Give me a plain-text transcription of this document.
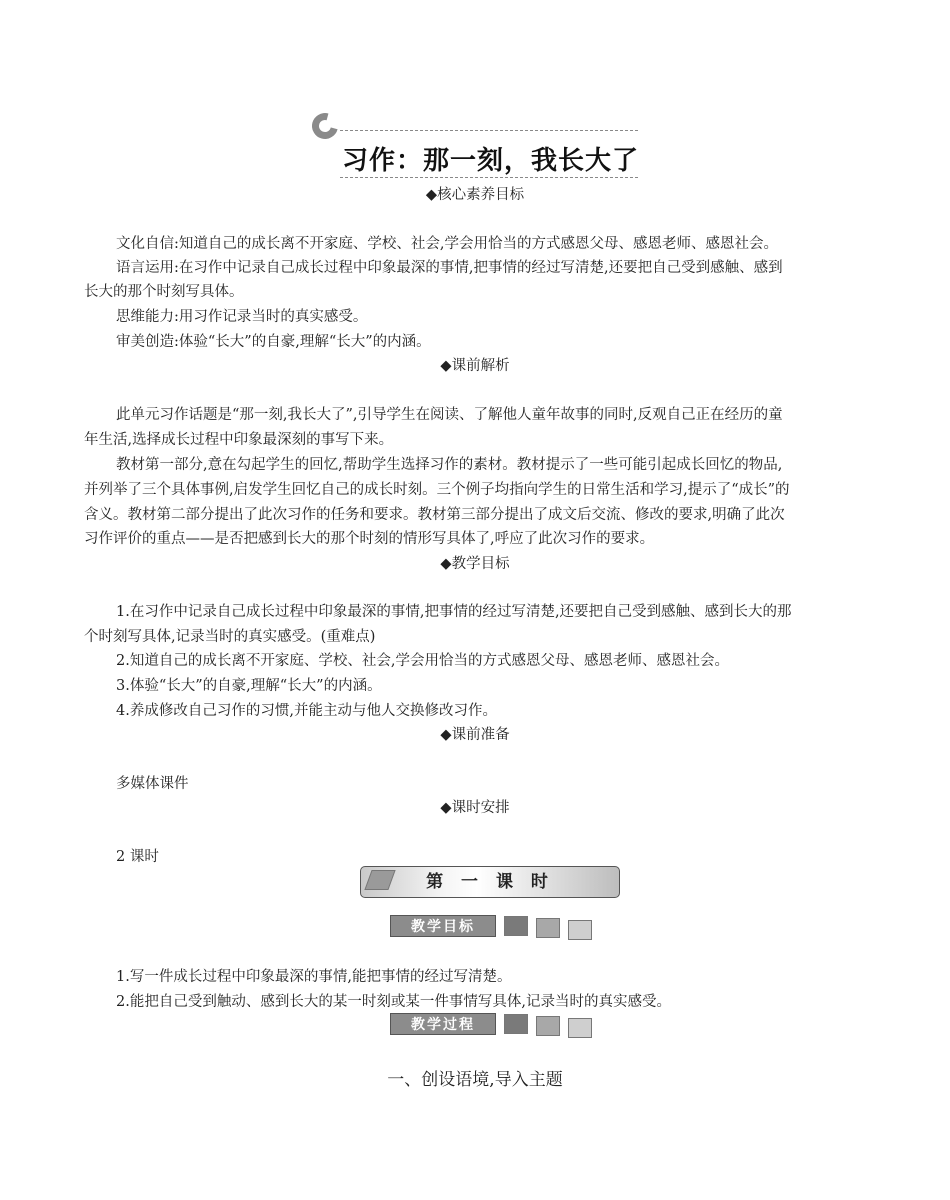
习作：那一刻，我长大了
◆核心素养目标

文化自信:知道自己的成长离不开家庭、学校、社会,学会用恰当的方式感恩父母、感恩老师、感恩社会。

语言运用:在习作中记录自己成长过程中印象最深的事情,把事情的经过写清楚,还要把自己受到感触、感到

长大的那个时刻写具体。

思维能力:用习作记录当时的真实感受。

审美创造:体验“长大”的自豪,理解“长大”的内涵。

◆课前解析

此单元习作话题是“那一刻,我长大了”,引导学生在阅读、了解他人童年故事的同时,反观自己正在经历的童

年生活,选择成长过程中印象最深刻的事写下来。

教材第一部分,意在勾起学生的回忆,帮助学生选择习作的素材。教材提示了一些可能引起成长回忆的物品,

并列举了三个具体事例,启发学生回忆自己的成长时刻。三个例子均指向学生的日常生活和学习,提示了“成长”的

含义。教材第二部分提出了此次习作的任务和要求。教材第三部分提出了成文后交流、修改的要求,明确了此次

习作评价的重点——是否把感到长大的那个时刻的情形写具体了,呼应了此次习作的要求。

◆教学目标

1.在习作中记录自己成长过程中印象最深的事情,把事情的经过写清楚,还要把自己受到感触、感到长大的那

个时刻写具体,记录当时的真实感受。(重难点)

2.知道自己的成长离不开家庭、学校、社会,学会用恰当的方式感恩父母、感恩老师、感恩社会。

3.体验“长大”的自豪,理解“长大”的内涵。

4.养成修改自己习作的习惯,并能主动与他人交换修改习作。

◆课前准备

多媒体课件

◆课时安排

2 课时

第 一 课 时
教学目标

1.写一件成长过程中印象最深的事情,能把事情的经过写清楚。

2.能把自己受到触动、感到长大的某一时刻或某一件事情写具体,记录当时的真实感受。

教学过程
一、创设语境,导入主题
